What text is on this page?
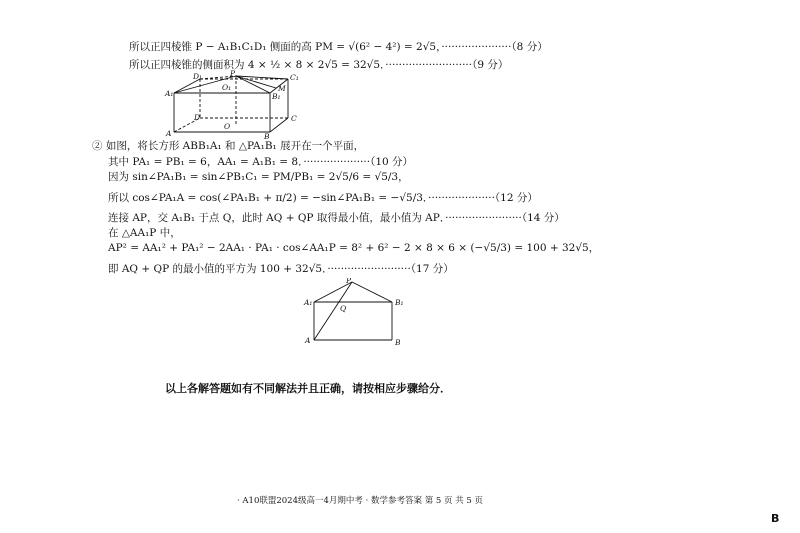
所以正四棱锥 P − A₁B₁C₁D₁ 侧面的高 PM = √(6² − 4²) = 2√5，·····················（8 分）
所以正四棱锥的侧面积为 4 × ½ × 8 × 2√5 = 32√5．··························（9 分）
② 如图，将长方形 ABB₁A₁ 和 △PA₁B₁ 展开在一个平面，
其中 PA₁ = PB₁ = 6，AA₁ = A₁B₁ = 8．····················（10 分）
因为 sin∠PA₁B₁ = sin∠PB₁C₁ = PM/PB₁ = 2√5/6 = √5/3，
所以 cos∠PA₁A = cos(∠PA₁B₁ + π/2) = −sin∠PA₁B₁ = −√5/3．····················（12 分）
连接 AP，交 A₁B₁ 于点 Q，此时 AQ + QP 取得最小值，最小值为 AP．·······················（14 分）
在 △AA₁P 中，
AP² = AA₁² + PA₁² − 2AA₁ · PA₁ · cos∠AA₁P = 8² + 6² − 2 × 8 × 6 × (−√5/3) = 100 + 32√5，
即 AQ + QP 的最小值的平方为 100 + 32√5．·························（17 分）
P
D₁	C₁
A₁	B₁
O₁	M
D	C
A	B
O
P
A₁	B₁
Q
A	B
以上各解答题如有不同解法并且正确，请按相应步骤给分．
· A10联盟2024级高一4月期中考 · 数学参考答案 第 5 页 共 5 页
B
